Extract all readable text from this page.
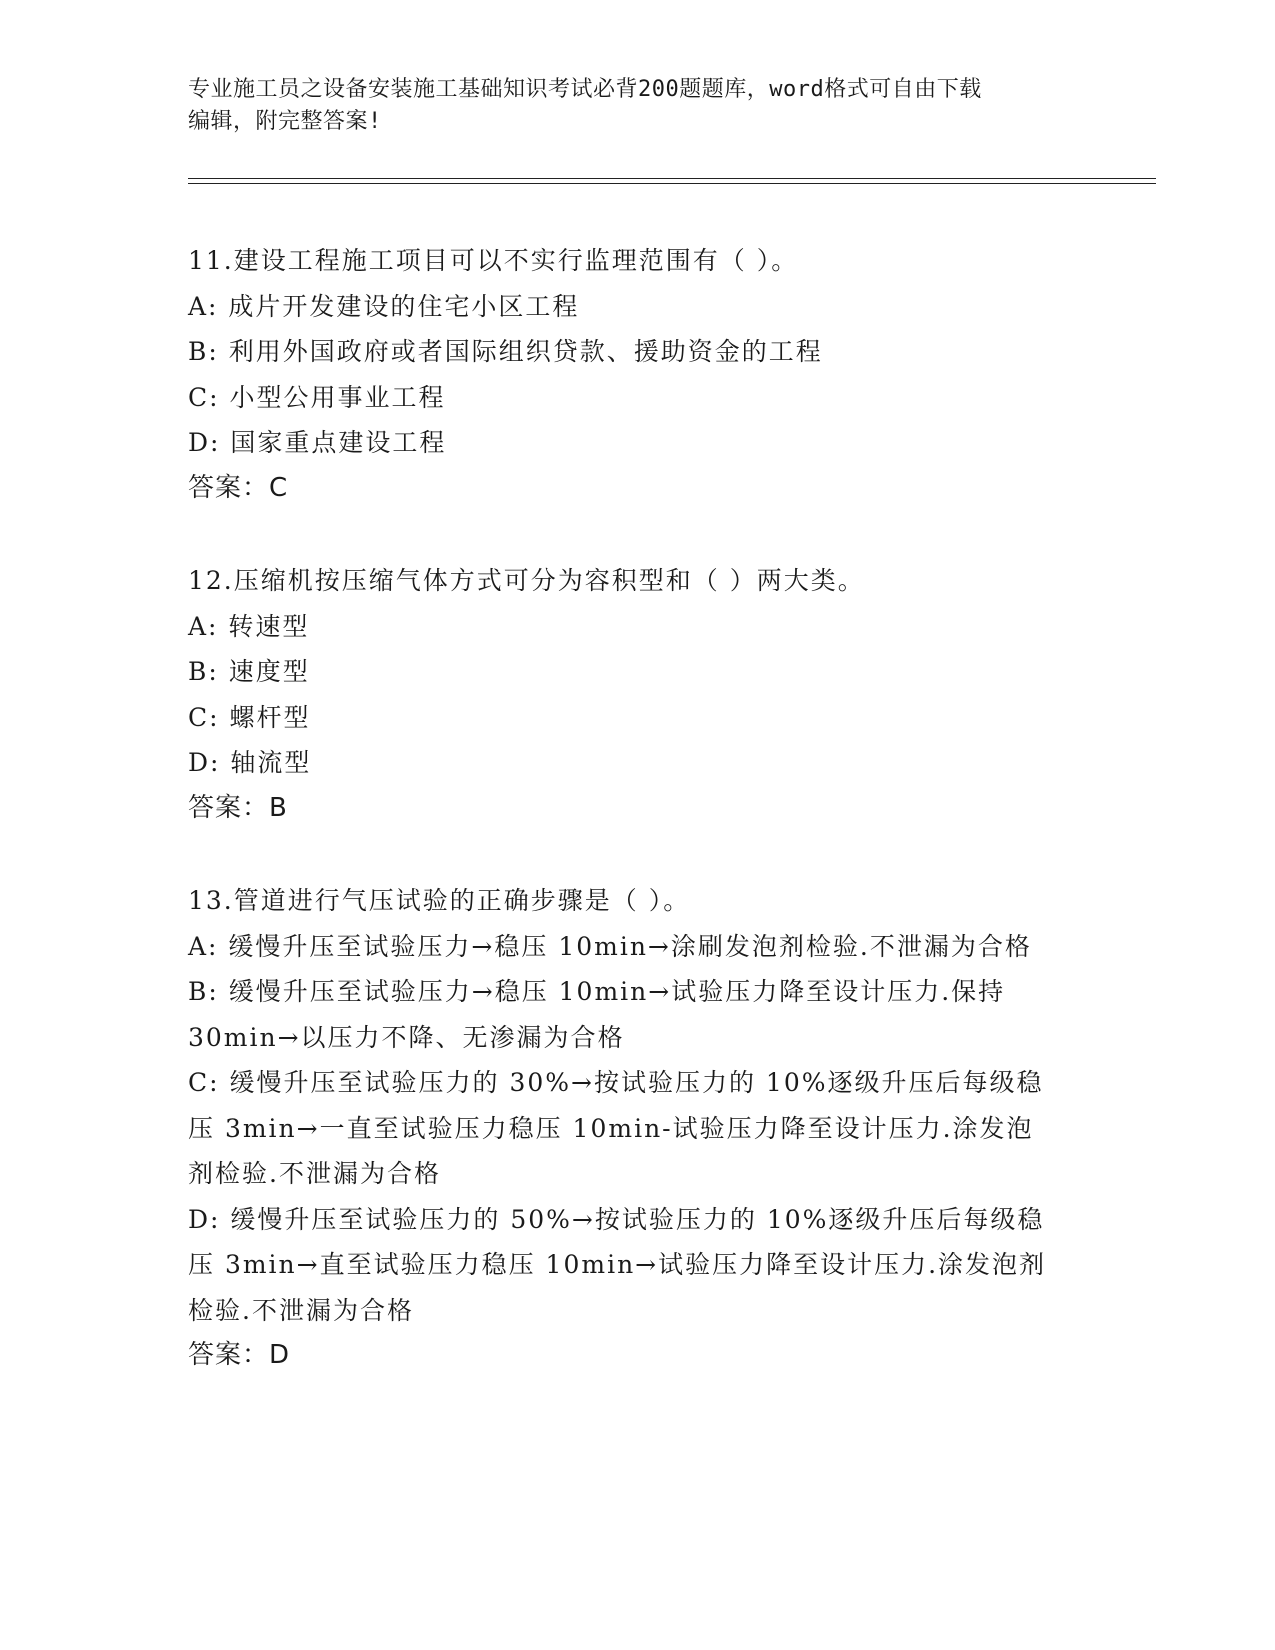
专业施工员之设备安装施工基础知识考试必背200题题库，word格式可自由下载
编辑，附完整答案!
11.建设工程施工项目可以不实行监理范围有（ ）。
A: 成片开发建设的住宅小区工程
B: 利用外国政府或者国际组织贷款、援助资金的工程
C: 小型公用事业工程
D: 国家重点建设工程
答案：C
12.压缩机按压缩气体方式可分为容积型和（ ）两大类。
A: 转速型
B: 速度型
C: 螺杆型
D: 轴流型
答案：B
13.管道进行气压试验的正确步骤是（ ）。
A: 缓慢升压至试验压力→稳压 10min→涂刷发泡剂检验.不泄漏为合格
B: 缓慢升压至试验压力→稳压 10min→试验压力降至设计压力.保持
30min→以压力不降、无渗漏为合格
C: 缓慢升压至试验压力的 30%→按试验压力的 10%逐级升压后每级稳
压 3min→一直至试验压力稳压 10min-试验压力降至设计压力.涂发泡
剂检验.不泄漏为合格
D: 缓慢升压至试验压力的 50%→按试验压力的 10%逐级升压后每级稳
压 3min→直至试验压力稳压 10min→试验压力降至设计压力.涂发泡剂
检验.不泄漏为合格
答案：D
